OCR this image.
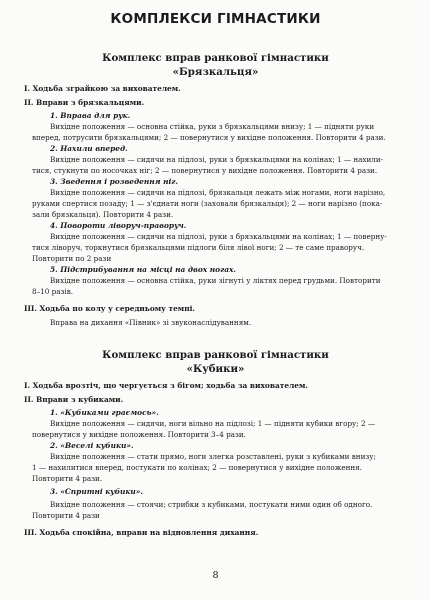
КОМПЛЕКСИ ГІМНАСТИКИ
Комплекс вправ ранкової гімнастики
«Брязкальця»
І. Ходьба зграйкою за вихователем.
ІІ. Вправи з брязкальцями.
1. Вправа для рук.
Вихідне положення — основна стійка, руки з брязкальцями внизу; 1 — підняти руки
вперед, потрусити брязкальцями; 2 — повернутися у вихідне положення. Повторити 4 рази.
2. Нахили вперед.
Вихідне положення — сидячи на підлозі, руки з брязкальцями на колінах; 1 — нахили-
тися, стукнути по носочках ніг; 2 — повернутися у вихідне положення. Повторити 4 рази.
3. Зведення і розведення ніг.
Вихідне положення — сидячи на підлозі, брязкальця лежать між ногами, ноги нарізно,
руками спертися позаду; 1 — з'єднати ноги (заховали брязкальця); 2 — ноги нарізно (пока-
зали брязкальця). Повторити 4 рази.
4. Повороти ліворуч-праворуч.
Вихідне положення — сидячи на підлозі, руки з брязкальцями на колінах; 1 — поверну-
тися ліворуч, торкнутися брязкальцями підлоги біля лівої ноги; 2 — те саме праворуч.
Повторити по 2 рази
5. Підстрибування на місці на двох ногах.
Вихідне положення — основна стійка, руки зігнуті у ліктях перед грудьми. Повторити
8–10 разів.
ІІІ. Ходьба по колу у середньому темпі.
Вправа на дихання «Півник» зі звуконаслідуванням.
Комплекс вправ ранкової гімнастики
«Кубики»
І. Ходьба врозтіч, що чергується з бігом; ходьба за вихователем.
ІІ. Вправи з кубиками.
1. «Кубиками граємось».
Вихідне положення — сидячи, ноги вільно на підлозі; 1 — підняти кубики вгору; 2 —
повернутися у вихідне положення. Повторити 3–4 рази.
2. «Веселі кубики».
Вихідне положення — стати прямо, ноги злегка розставлені, руки з кубиками внизу;
1 — нахилитися вперед, постукати по колінах; 2 — повернутися у вихідне положення.
Повторити 4 рази.
3. «Спритні кубики».
Вихідне положення — стоячи; стрибки з кубиками, постукати ними один об одного.
Повторити 4 рази
ІІІ. Ходьба спокійна, вправи на відновлення дихання.
8
